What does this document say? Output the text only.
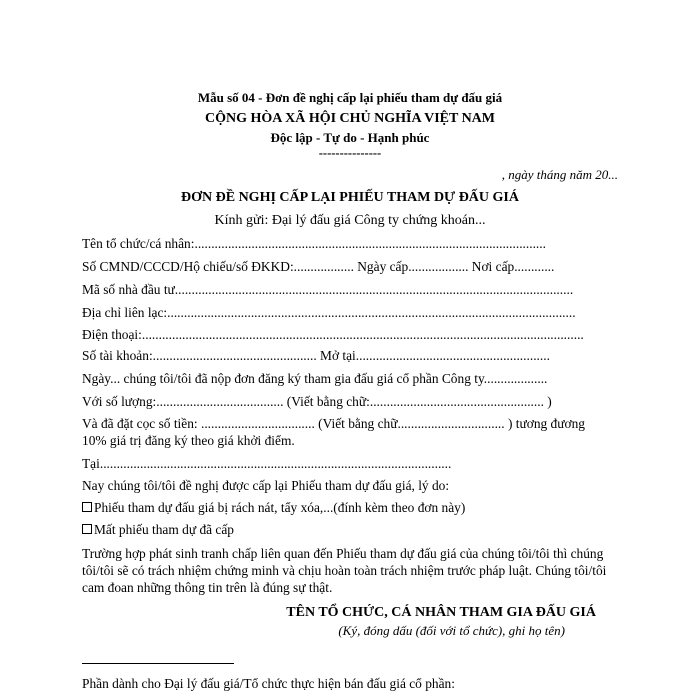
Mẫu số 04 - Đơn đề nghị cấp lại phiếu tham dự đấu giá
CỘNG HÒA XÃ HỘI CHỦ NGHĨA VIỆT NAM
Độc lập - Tự do - Hạnh phúc
---------------
, ngày tháng năm 20...
ĐƠN ĐỀ NGHỊ CẤP LẠI PHIẾU THAM DỰ ĐẤU GIÁ
Kính gửi: Đại lý đấu giá Công ty chứng khoán...
Tên tổ chức/cá nhân:.........................................................................................................
Số CMND/CCCD/Hộ chiếu/số ĐKKD:.................. Ngày cấp.................. Nơi cấp............
Mã số nhà đầu tư.......................................................................................................................
Địa chỉ liên lạc:..........................................................................................................................
Điện thoại:....................................................................................................................................
Số tài khoản:................................................. Mở tại..........................................................
Ngày... chúng tôi/tôi đã nộp đơn đăng ký tham gia đấu giá cổ phần Công ty...................
Với số lượng:...................................... (Viết bằng chữ:.................................................... )
Và đã đặt cọc số tiền: .................................. (Viết bằng chữ................................ ) tương đương
10% giá trị đăng ký theo giá khởi điểm.
Tại.........................................................................................................
Nay chúng tôi/tôi đề nghị được cấp lại Phiếu tham dự đấu giá, lý do:
Phiếu tham dự đấu giá bị rách nát, tẩy xóa,...(đính kèm theo đơn này)
Mất phiếu tham dự đã cấp
Trường hợp phát sinh tranh chấp liên quan đến Phiếu tham dự đấu giá của chúng tôi/tôi thì chúng tôi/tôi sẽ có trách nhiệm chứng minh và chịu hoàn toàn trách nhiệm trước pháp luật. Chúng tôi/tôi cam đoan những thông tin trên là đúng sự thật.
TÊN TỔ CHỨC, CÁ NHÂN THAM GIA ĐẤU GIÁ
(Ký, đóng dấu (đối với tổ chức), ghi họ tên)
Phần dành cho Đại lý đấu giá/Tổ chức thực hiện bán đấu giá cổ phần:
